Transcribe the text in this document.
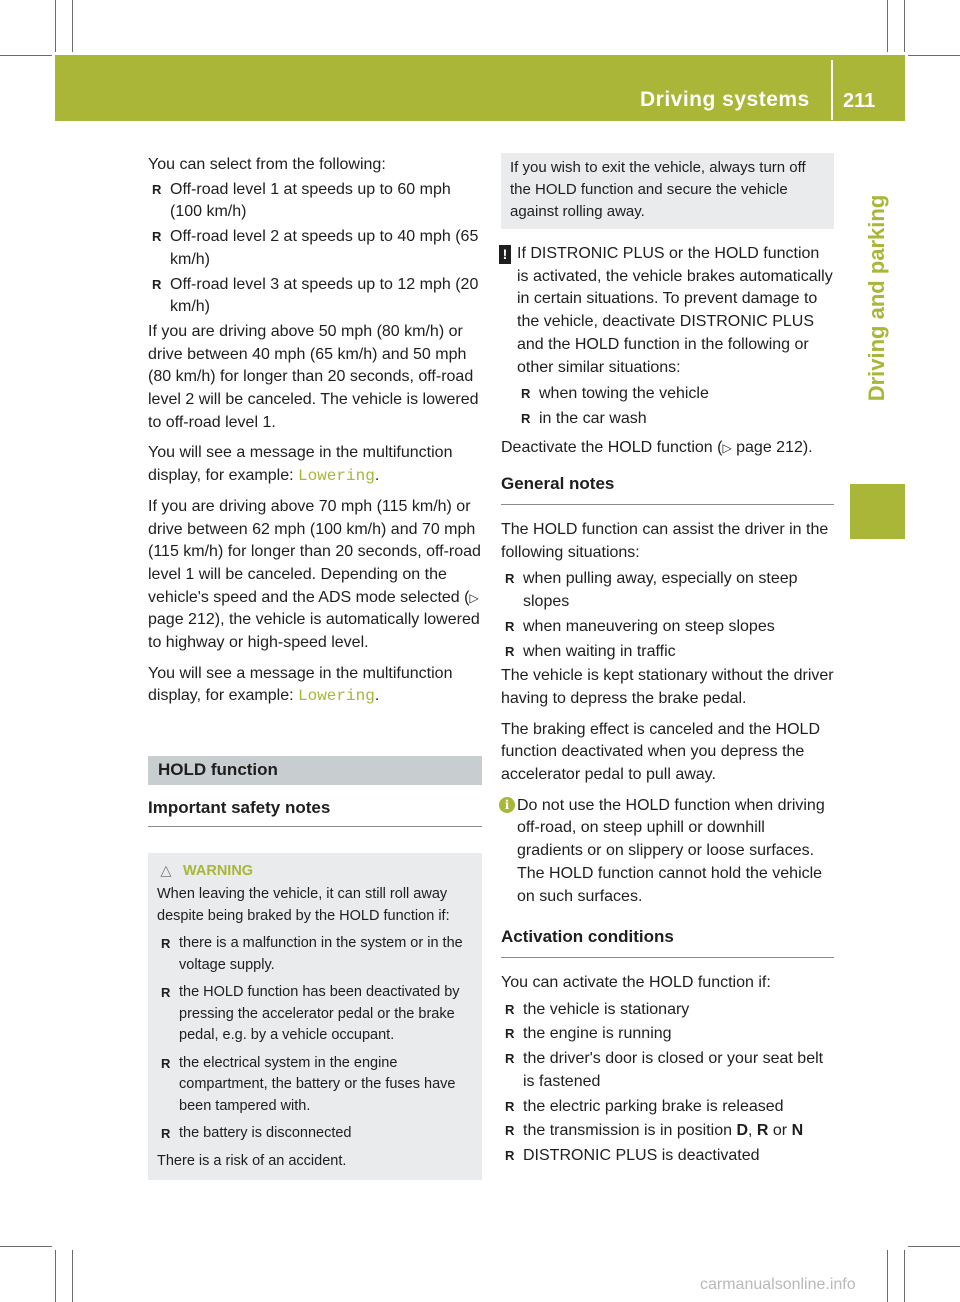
Driving systems 211
Driving and parking

You can select from the following:

R Off-road level 1 at speeds up to 60 mph (100 km/h)
R Off-road level 2 at speeds up to 40 mph (65 km/h)
R Off-road level 3 at speeds up to 12 mph (20 km/h)

If you are driving above 50 mph (80 km/h) or drive between 40 mph (65 km/h) and 50 mph (80 km/h) for longer than 20 seconds, off-road level 2 will be canceled. The vehicle is lowered to off-road level 1.

You will see a message in the multifunction display, for example: Lowering.

If you are driving above 70 mph (115 km/h) or drive between 62 mph (100 km/h) and 70 mph (115 km/h) for longer than 20 seconds, off-road level 1 will be canceled. Depending on the vehicle's speed and the ADS mode selected (▷ page 212), the vehicle is automatically lowered to highway or high-speed level.

You will see a message in the multifunction display, for example: Lowering.

HOLD function
Important safety notes
△ WARNING

When leaving the vehicle, it can still roll away despite being braked by the HOLD function if:

R there is a malfunction in the system or in the voltage supply.
R the HOLD function has been deactivated by pressing the accelerator pedal or the brake pedal, e.g. by a vehicle occupant.
R the electrical system in the engine compartment, the battery or the fuses have been tampered with.
R the battery is disconnected

There is a risk of an accident.

If you wish to exit the vehicle, always turn off the HOLD function and secure the vehicle against rolling away.

! If DISTRONIC PLUS or the HOLD function is activated, the vehicle brakes automatically in certain situations. To prevent damage to the vehicle, deactivate DISTRONIC PLUS and the HOLD function in the following or other similar situations:

R when towing the vehicle
R in the car wash

Deactivate the HOLD function (▷ page 212).

General notes

The HOLD function can assist the driver in the following situations:

R when pulling away, especially on steep slopes
R when maneuvering on steep slopes
R when waiting in traffic

The vehicle is kept stationary without the driver having to depress the brake pedal.

The braking effect is canceled and the HOLD function deactivated when you depress the accelerator pedal to pull away.

i Do not use the HOLD function when driving off-road, on steep uphill or downhill gradients or on slippery or loose surfaces. The HOLD function cannot hold the vehicle on such surfaces.

Activation conditions

You can activate the HOLD function if:

R the vehicle is stationary
R the engine is running
R the driver's door is closed or your seat belt is fastened
R the electric parking brake is released
R the transmission is in position D, R or N
R DISTRONIC PLUS is deactivated
carmanualsonline.info
